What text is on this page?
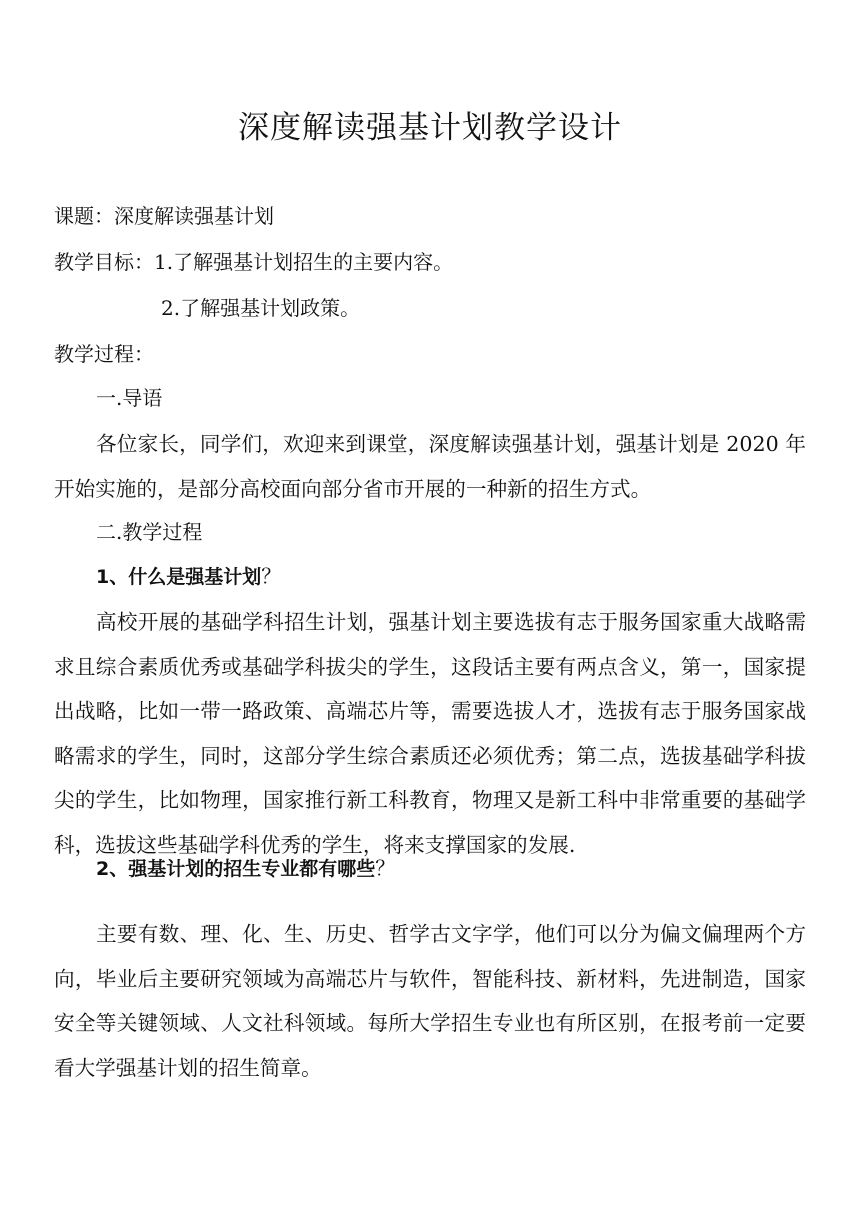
深度解读强基计划教学设计
课题：深度解读强基计划
教学目标：1.了解强基计划招生的主要内容。
2.了解强基计划政策。
教学过程：
一.导语

各位家长，同学们，欢迎来到课堂，深度解读强基计划，强基计划是 2020 年开始实施的，是部分高校面向部分省市开展的一种新的招生方式。

二.教学过程
1、什么是强基计划？

高校开展的基础学科招生计划，强基计划主要选拔有志于服务国家重大战略需求且综合素质优秀或基础学科拔尖的学生，这段话主要有两点含义，第一，国家提出战略，比如一带一路政策、高端芯片等，需要选拔人才，选拔有志于服务国家战略需求的学生，同时，这部分学生综合素质还必须优秀；第二点，选拔基础学科拔尖的学生，比如物理，国家推行新工科教育，物理又是新工科中非常重要的基础学科，选拔这些基础学科优秀的学生，将来支撑国家的发展.

2、强基计划的招生专业都有哪些？

主要有数、理、化、生、历史、哲学古文字学，他们可以分为偏文偏理两个方向，毕业后主要研究领域为高端芯片与软件，智能科技、新材料，先进制造，国家安全等关键领域、人文社科领域。每所大学招生专业也有所区别，在报考前一定要看大学强基计划的招生简章。
